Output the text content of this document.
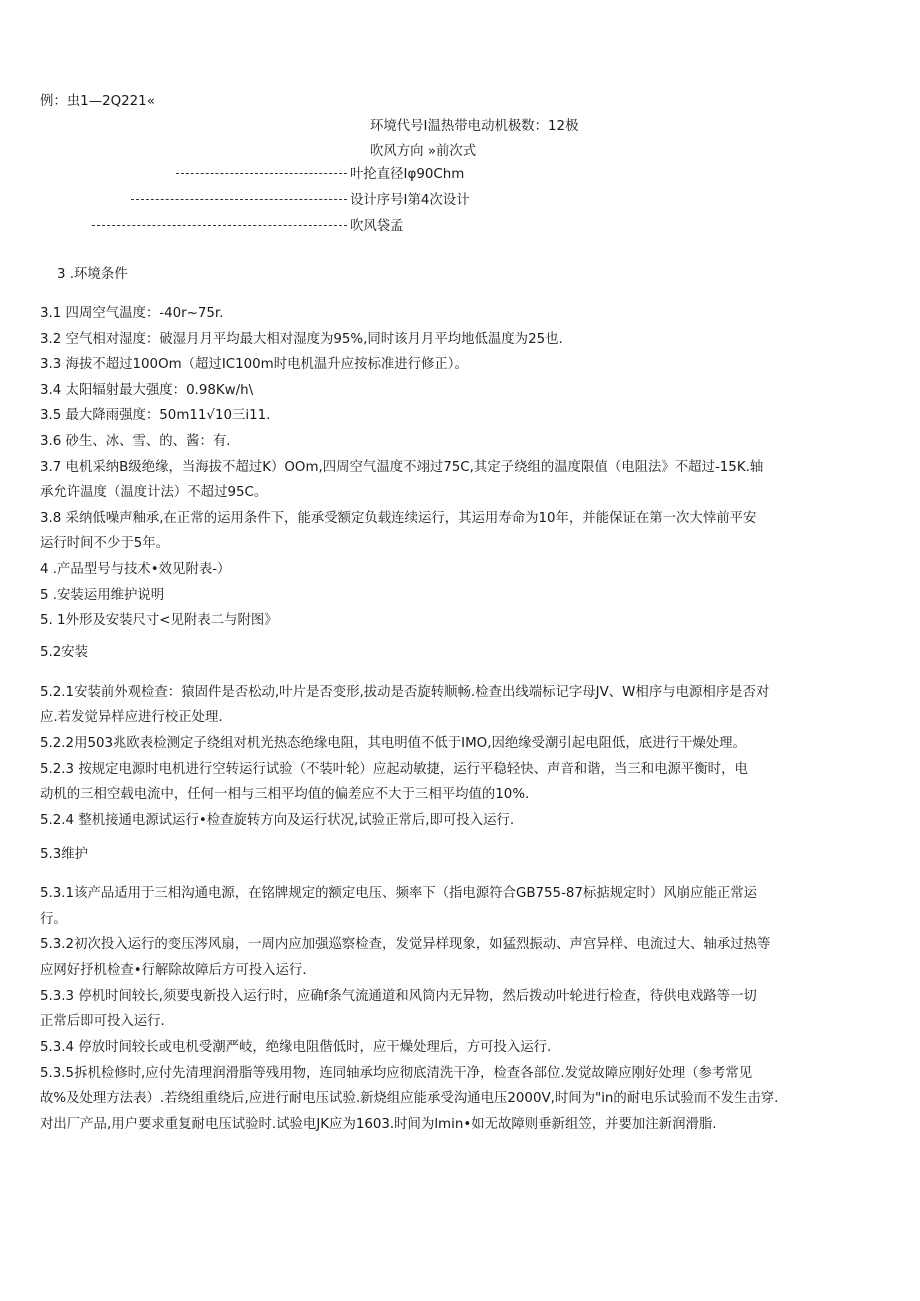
例：虫1—2Q221«
环境代号I温热带电动机极数：12极
吹风方向 »前次式
叶抡直径Iφ90Chm
设计序号I第4次设计
吹风袋孟
3 .环境条件
3.1 四周空气温度：-40r~75r.
3.2 空气相对湿度：破湿月月平均最大相对湿度为95%,同时该月月平均地低温度为25也.
3.3 海拔不超过100Om（超过IC100m时电机温升应按标准进行修正）。
3.4 太阳辐射最大强度：0.98Kw∕h\
3.5 最大降雨强度：50m11√10三i11.
3.6 砂生、冰、雪、的、酱：有.
3.7 电机采纳B级绝缘，当海拔不超过K）OOm,四周空气温度不翊过75C,其定子绕组的温度限值（电阻法》不超过-15K.轴
承允许温度（温度计法）不超过95C。
3.8 采纳低噪声釉承,在正常的运用条件下，能承受额定负载连续运行，其运用寿命为10年，并能保证在第一次大悻前平安
运行时间不少于5年。
4 .产品型号与技术•效见附表-）
5 .安装运用维护说明
5. 1外形及安装尺寸<见附表二与附图》
5.2安装
5.2.1安装前外观检查：猿固件是否松动,叶片是否变形,拔动是否旋转顺畅.检查出线端标记字母JV、W相序与电源相序是否对
应.若发觉异样应进行校正处理.
5.2.2用503兆欧表检测定子绕组对机光热态绝缘电阻，其电明值不低于IMO,因绝缘受潮引起电阻低，底进行干燥处理。
5.2.3 按规定电源时电机进行空转运行试验（不装叶轮）应起动敏捷，运行平稳轻快、声音和谐，当三和电源平衡时，电
动机的三相空载电流中，任何一相与三相平均值的偏差应不大于三相平均值的10%.
5.2.4 整机接通电源试运行•检查旋转方向及运行状况,试验正常后,即可投入运行.
5.3维护
5.3.1该产品适用于三相沟通电源，在铭牌规定的额定电压、频率下（指电源符合GB755-87标掂规定时）风崩应能正常运
行。
5.3.2初次投入运行的变压涔风扇，一周内应加强巡察检查，发觉异样现象，如猛烈振动、声宫异样、电流过大、轴承过热等
应网好抒机检查•行解除故障后方可投入运行.
5.3.3 停机时间较长,须要曳新投入运行时，应确f条气流通道和风筒内无异物，然后拨动叶轮进行检查，待供电戏路等一切
正常后即可投入运行.
5.3.4 停放时间较长或电机受潮严岐，绝缘电阻偕低时，应干燥处理后，方可投入运行.
5.3.5拆机检修时,应付先清理润滑脂等残用物，连同轴承均应彻底清洗干净，检查各部位.发觉故障应刚好处理（参考常见
故%及处理方法表）.若绕组重绕后,应进行耐电压试验.新烧组应能承受沟通电压2000V,时间为"in的耐电乐试验而不发生击穿.
对出厂产品,用户要求重复耐电压试验时.试验电JK应为1603.时间为lmin•如无故障则垂新组笠，并要加注新润滑脂.
